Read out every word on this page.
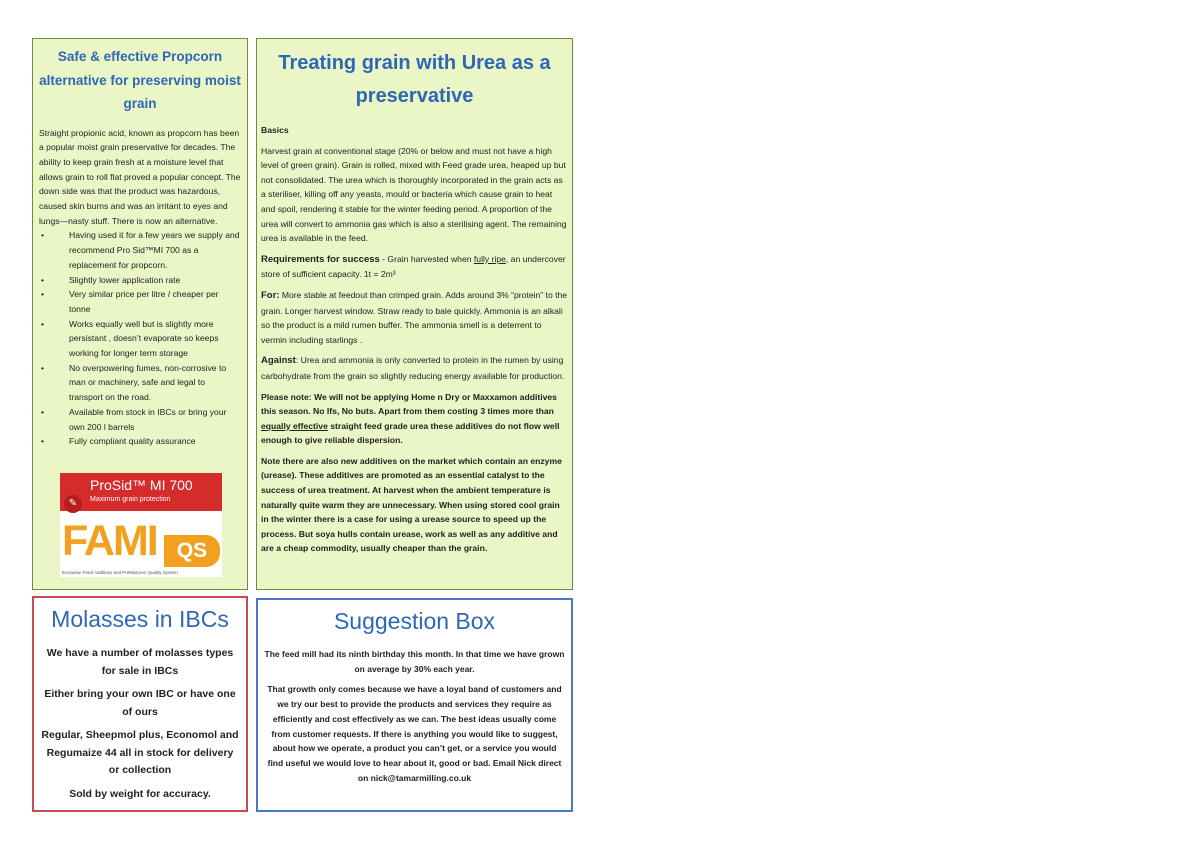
Safe & effective Propcorn alternative for preserving moist grain

Straight propionic acid, known as propcorn has been a popular moist grain preservative for decades. The ability to keep grain fresh at a moisture level that allows grain to roll flat proved a popular concept. The down side was that the product was hazardous, caused skin burns and was an irritant to eyes and lungs—nasty stuff. There is now an alternative.

•	Having used it for a few years we supply and recommend Pro Sid™MI 700 as a replacement for propcorn.
•	Slightly lower application rate
•	Very similar price per litre / cheaper per tonne
•	Works equally well but is slightly more persistant , doesn’t evaporate so keeps working for longer term storage
•	No overpowering fumes, non-corrosive to man or machinery, safe and legal to transport on the road.
•	Available from stock in IBCs or bring your own 200 l barrels
•	Fully compliant quality assurance
ProSid™ MI 700
Maximum grain protection
✎
FAMI QS
European Feed Additives and PreMixtures Quality System
Treating grain with Urea as a preservative

Basics

Harvest grain at conventional stage (20% or below and must not have a high level of green grain). Grain is rolled, mixed with Feed grade urea, heaped up but not consolidated. The urea which is thoroughly incorporated in the grain acts as a steriliser, killing off any yeasts, mould or bacteria which cause grain to heat and spoil, rendering it stable for the winter feeding period. A proportion of the urea will convert to ammonia gas which is also a sterilising agent. The remaining urea is available in the feed.

Requirements for success - Grain harvested when fully ripe, an undercover store of sufficient capacity. 1t = 2m³

For: More stable at feedout than crimped grain. Adds around 3% “protein” to the grain. Longer harvest window. Straw ready to bale quickly. Ammonia is an alkali so the product is a mild rumen buffer. The ammonia smell is a deterrent to vermin including starlings .

Against: Urea and ammonia is only converted to protein in the rumen by using carbohydrate from the grain so slightly reducing energy available for production.

Please note: We will not be applying Home n Dry or Maxxamon additives this season. No Ifs, No buts. Apart from them costing 3 times more than equally effective straight feed grade urea these additives do not flow well enough to give reliable dispersion.

Note there are also new additives on the market which contain an enzyme (urease). These additives are promoted as an essential catalyst to the success of urea treatment. At harvest when the ambient temperature is naturally quite warm they are unnecessary. When using stored cool grain in the winter there is a case for using a urease source to speed up the process. But soya hulls contain urease, work as well as any additive and are a cheap commodity, usually cheaper than the grain.

Molasses in IBCs

We have a number of molasses types for sale in IBCs

Either bring your own IBC or have one of ours

Regular, Sheepmol plus, Economol and Regumaize 44 all in stock for delivery or collection

Sold by weight for accuracy.

Suggestion Box

The feed mill had its ninth birthday this month. In that time we have grown on average by 30% each year.

That growth only comes because we have a loyal band of customers and we try our best to provide the products and services they require as efficiently and cost effectively as we can. The best ideas usually come from customer requests. If there is anything you would like to suggest, about how we operate, a product you can’t get, or a service you would find useful we would love to hear about it, good or bad. Email Nick direct on nick@tamarmilling.co.uk
